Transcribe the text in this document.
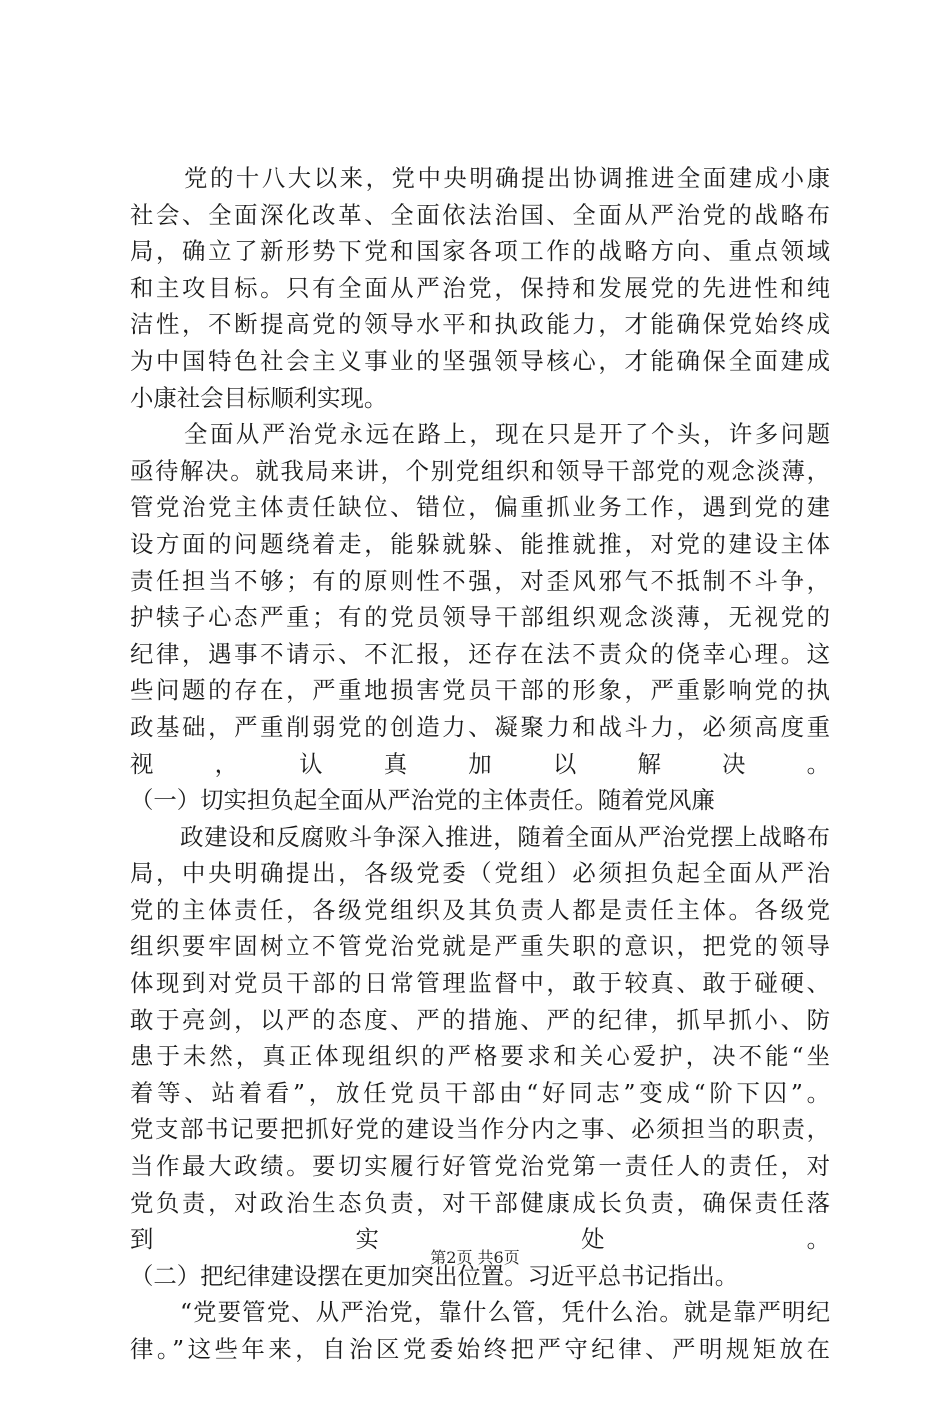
党的十八大以来，党中央明确提出协调推进全面建成小康
社会、全面深化改革、全面依法治国、全面从严治党的战略布
局，确立了新形势下党和国家各项工作的战略方向、重点领域
和主攻目标。只有全面从严治党，保持和发展党的先进性和纯
洁性，不断提高党的领导水平和执政能力，才能确保党始终成
为中国特色社会主义事业的坚强领导核心，才能确保全面建成
小康社会目标顺利实现。
全面从严治党永远在路上，现在只是开了个头，许多问题
亟待解决。就我局来讲，个别党组织和领导干部党的观念淡薄，
管党治党主体责任缺位、错位，偏重抓业务工作，遇到党的建
设方面的问题绕着走，能躲就躲、能推就推，对党的建设主体
责任担当不够；有的原则性不强，对歪风邪气不抵制不斗争，
护犊子心态严重；有的党员领导干部组织观念淡薄，无视党的
纪律，遇事不请示、不汇报，还存在法不责众的侥幸心理。这
些问题的存在，严重地损害党员干部的形象，严重影响党的执
政基础，严重削弱党的创造力、凝聚力和战斗力，必须高度重
视，认真加以解决。
（一）切实担负起全面从严治党的主体责任。随着党风廉
政建设和反腐败斗争深入推进，随着全面从严治党摆上战略布
局，中央明确提出，各级党委（党组）必须担负起全面从严治
党的主体责任，各级党组织及其负责人都是责任主体。各级党
组织要牢固树立不管党治党就是严重失职的意识，把党的领导
体现到对党员干部的日常管理监督中，敢于较真、敢于碰硬、
敢于亮剑，以严的态度、严的措施、严的纪律，抓早抓小、防
患于未然，真正体现组织的严格要求和关心爱护，决不能“坐
着等、站着看”，放任党员干部由“好同志”变成“阶下囚”。
党支部书记要把抓好党的建设当作分内之事、必须担当的职责，
当作最大政绩。要切实履行好管党治党第一责任人的责任，对
党负责，对政治生态负责，对干部健康成长负责，确保责任落
到实处。
（二）把纪律建设摆在更加突出位置。习近平总书记指出。
“党要管党、从严治党，靠什么管，凭什么治。就是靠严明纪
律。”这些年来，自治区党委始终把严守纪律、严明规矩放在
第2页 共6页
